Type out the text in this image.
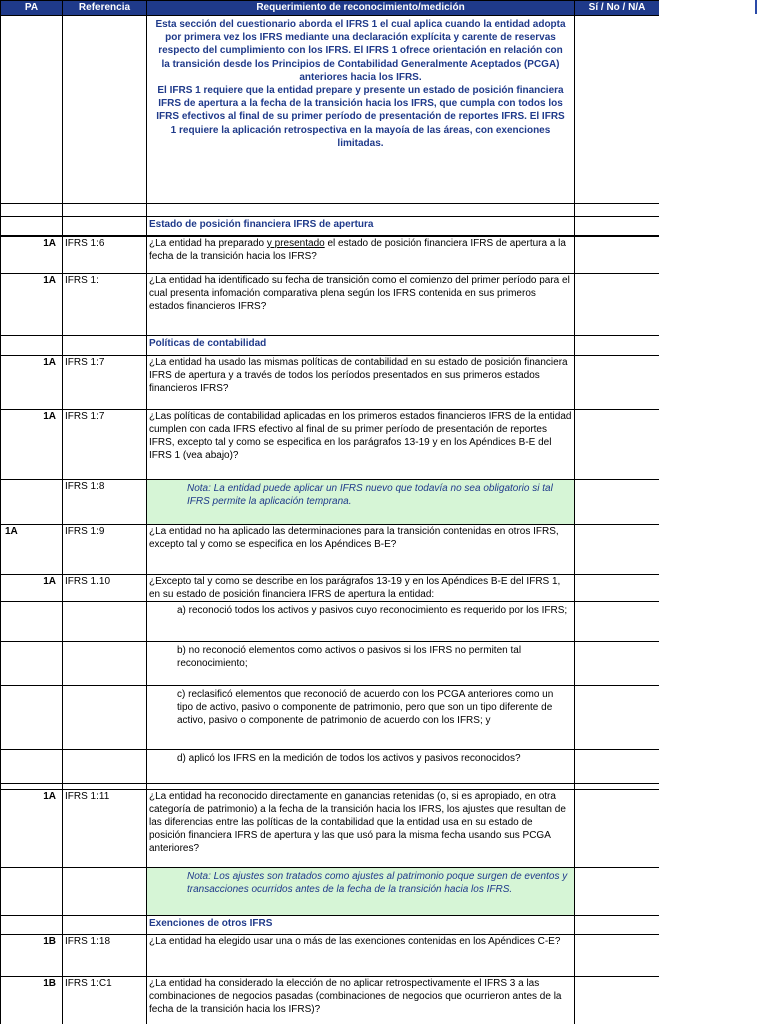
PA	Referencia	Requerimiento de reconocimiento/medición	Sí / No / N/A

		Esta sección del cuestionario aborda el IFRS 1 el cual aplica cuando la entidad adopta por primera vez los IFRS mediante una declaración explícita y carente de reservas respecto del cumplimiento con los IFRS. El IFRS 1 ofrece orientación en relación con la transición desde los Principios de Contabilidad Generalmente Aceptados (PCGA) anteriores hacia los IFRS.
El IFRS 1 requiere que la entidad prepare y presente un estado de posición financiera IFRS de apertura a la fecha de la transición hacia los IFRS, que cumpla con todos los IFRS efectivos al final de su primer período de presentación de reportes IFRS. El IFRS 1 requiere la aplicación retrospectiva en la mayoía de las áreas, con exenciones limitadas.	

		Estado de posición financiera IFRS de apertura	
1A	IFRS 1:6	¿La entidad ha preparado y presentado el estado de posición financiera IFRS de apertura a la fecha de la transición hacia los IFRS?	
1A	IFRS 1:	¿La entidad ha identificado su fecha de transición como el comienzo del primer período para el cual presenta infomación comparativa plena según los IFRS contenida en sus primeros estados financieros IFRS?	
		Políticas de contabilidad	
1A	IFRS 1:7	¿La entidad ha usado las mismas políticas de contabilidad en su estado de posición financiera IFRS de apertura y a través de todos los períodos presentados en sus primeros estados financieros IFRS?	
1A	IFRS 1:7	¿Las políticas de contabilidad aplicadas en los primeros estados financieros IFRS de la entidad cumplen con cada IFRS efectivo al final de su primer período de presentación de reportes IFRS, excepto tal y como se especifica en los parágrafos 13-19 y en los Apéndices B-E del IFRS 1 (vea abajo)?	
	IFRS 1:8	Nota: La entidad puede aplicar un IFRS nuevo que todavía no sea obligatorio si tal IFRS permite la aplicación temprana.	
1A	IFRS 1:9	¿La entidad no ha aplicado las determinaciones para la transición contenidas en otros IFRS, excepto tal y como se especifica en los Apéndices B-E?	
1A	IFRS 1.10	¿Excepto tal y como se describe en los parágrafos 13-19 y en los Apéndices B-E del IFRS 1, en su estado de posición financiera IFRS de apertura la entidad:	
		a) reconoció todos los activos y pasivos cuyo reconocimiento es requerido por los IFRS;	
		b) no reconoció elementos como activos o pasivos si los IFRS no permiten tal reconocimiento;	
		c) reclasificó elementos que reconoció de acuerdo con los PCGA anteriores como un tipo de activo, pasivo o componente de patrimonio, pero que son un tipo diferente de activo, pasivo o componente de patrimonio de acuerdo con los IFRS; y	
		d) aplicó los IFRS en la medición de todos los activos y pasivos reconocidos?	

1A	IFRS 1:11	¿La entidad ha reconocido directamente en ganancias retenidas (o, si es apropiado, en otra categoría de patrimonio) a la fecha de la transición hacia los IFRS, los ajustes que resultan de las diferencias entre las políticas de la contabilidad que la entidad usa en su estado de posición financiera IFRS de apertura y las que usó para la misma fecha usando sus PCGA anteriores?	
		Nota: Los ajustes son tratados como ajustes al patrimonio poque surgen de eventos y transacciones ocurridos antes de la fecha de la transición hacia los IFRS.	
		Exenciones de otros IFRS	
1B	IFRS 1:18	¿La entidad ha elegido usar una o más de las exenciones contenidas en los Apéndices C-E?	
1B	IFRS 1:C1	¿La entidad ha considerado la elección de no aplicar retrospectivamente el IFRS 3 a las combinaciones de negocios pasadas (combinaciones de negocios que ocurrieron antes de la fecha de la transición hacia los IFRS)?	
